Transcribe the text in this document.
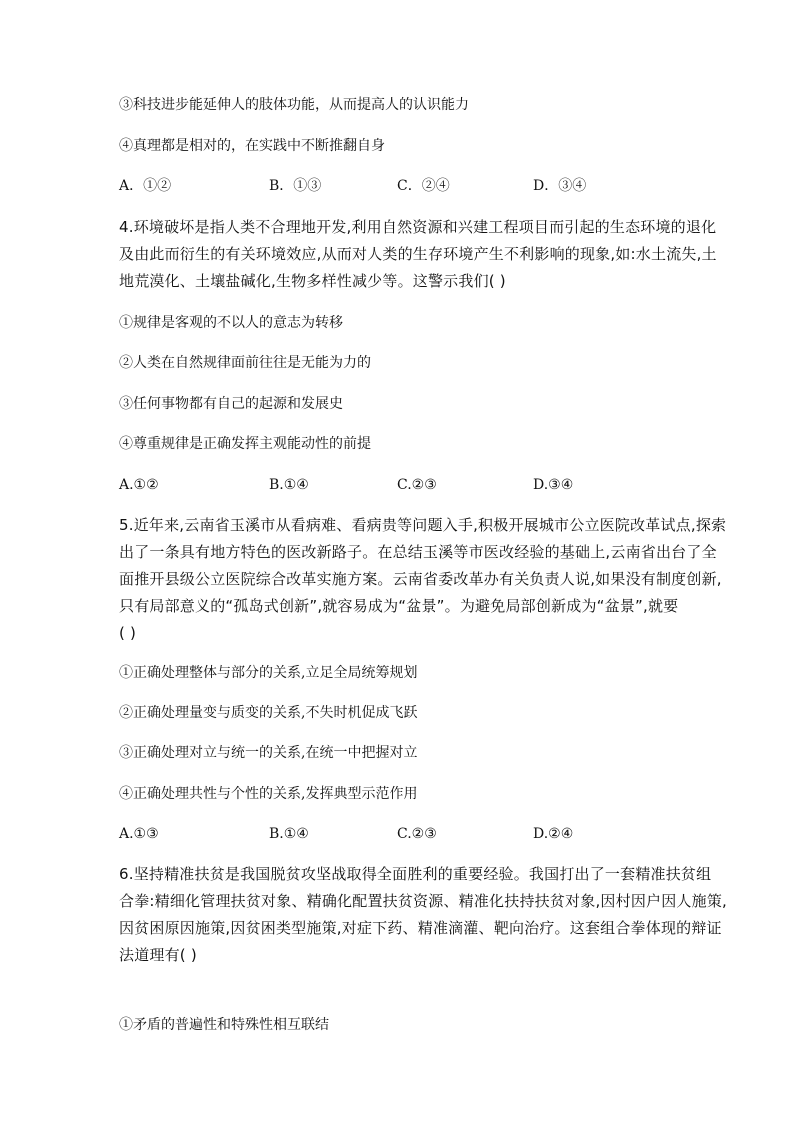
③科技进步能延伸人的肢体功能，从而提高人的认识能力
④真理都是相对的，在实践中不断推翻自身
A．①②	B．①③	C．②④	D．③④
4.环境破坏是指人类不合理地开发,利用自然资源和兴建工程项目而引起的生态环境的退化
及由此而衍生的有关环境效应,从而对人类的生存环境产生不利影响的现象,如:水土流失,土
地荒漠化、土壤盐碱化,生物多样性减少等。这警示我们( )
①规律是客观的不以人的意志为转移
②人类在自然规律面前往往是无能为力的
③任何事物都有自己的起源和发展史
④尊重规律是正确发挥主观能动性的前提
A.①②	B.①④	C.②③	D.③④
5.近年来,云南省玉溪市从看病难、看病贵等问题入手,积极开展城市公立医院改革试点,探索
出了一条具有地方特色的医改新路子。在总结玉溪等市医改经验的基础上,云南省出台了全
面推开县级公立医院综合改革实施方案。云南省委改革办有关负责人说,如果没有制度创新,
只有局部意义的“孤岛式创新”,就容易成为“盆景”。为避免局部创新成为“盆景”,就要
( )
①正确处理整体与部分的关系,立足全局统筹规划
②正确处理量变与质变的关系,不失时机促成飞跃
③正确处理对立与统一的关系,在统一中把握对立
④正确处理共性与个性的关系,发挥典型示范作用
A.①③	B.①④	C.②③	D.②④
6.坚持精准扶贫是我国脱贫攻坚战取得全面胜利的重要经验。我国打出了一套精准扶贫组
合拳:精细化管理扶贫对象、精确化配置扶贫资源、精准化扶持扶贫对象,因村因户因人施策,
因贫困原因施策,因贫困类型施策,对症下药、精准滴灌、靶向治疗。这套组合拳体现的辩证
法道理有( )
①矛盾的普遍性和特殊性相互联结
